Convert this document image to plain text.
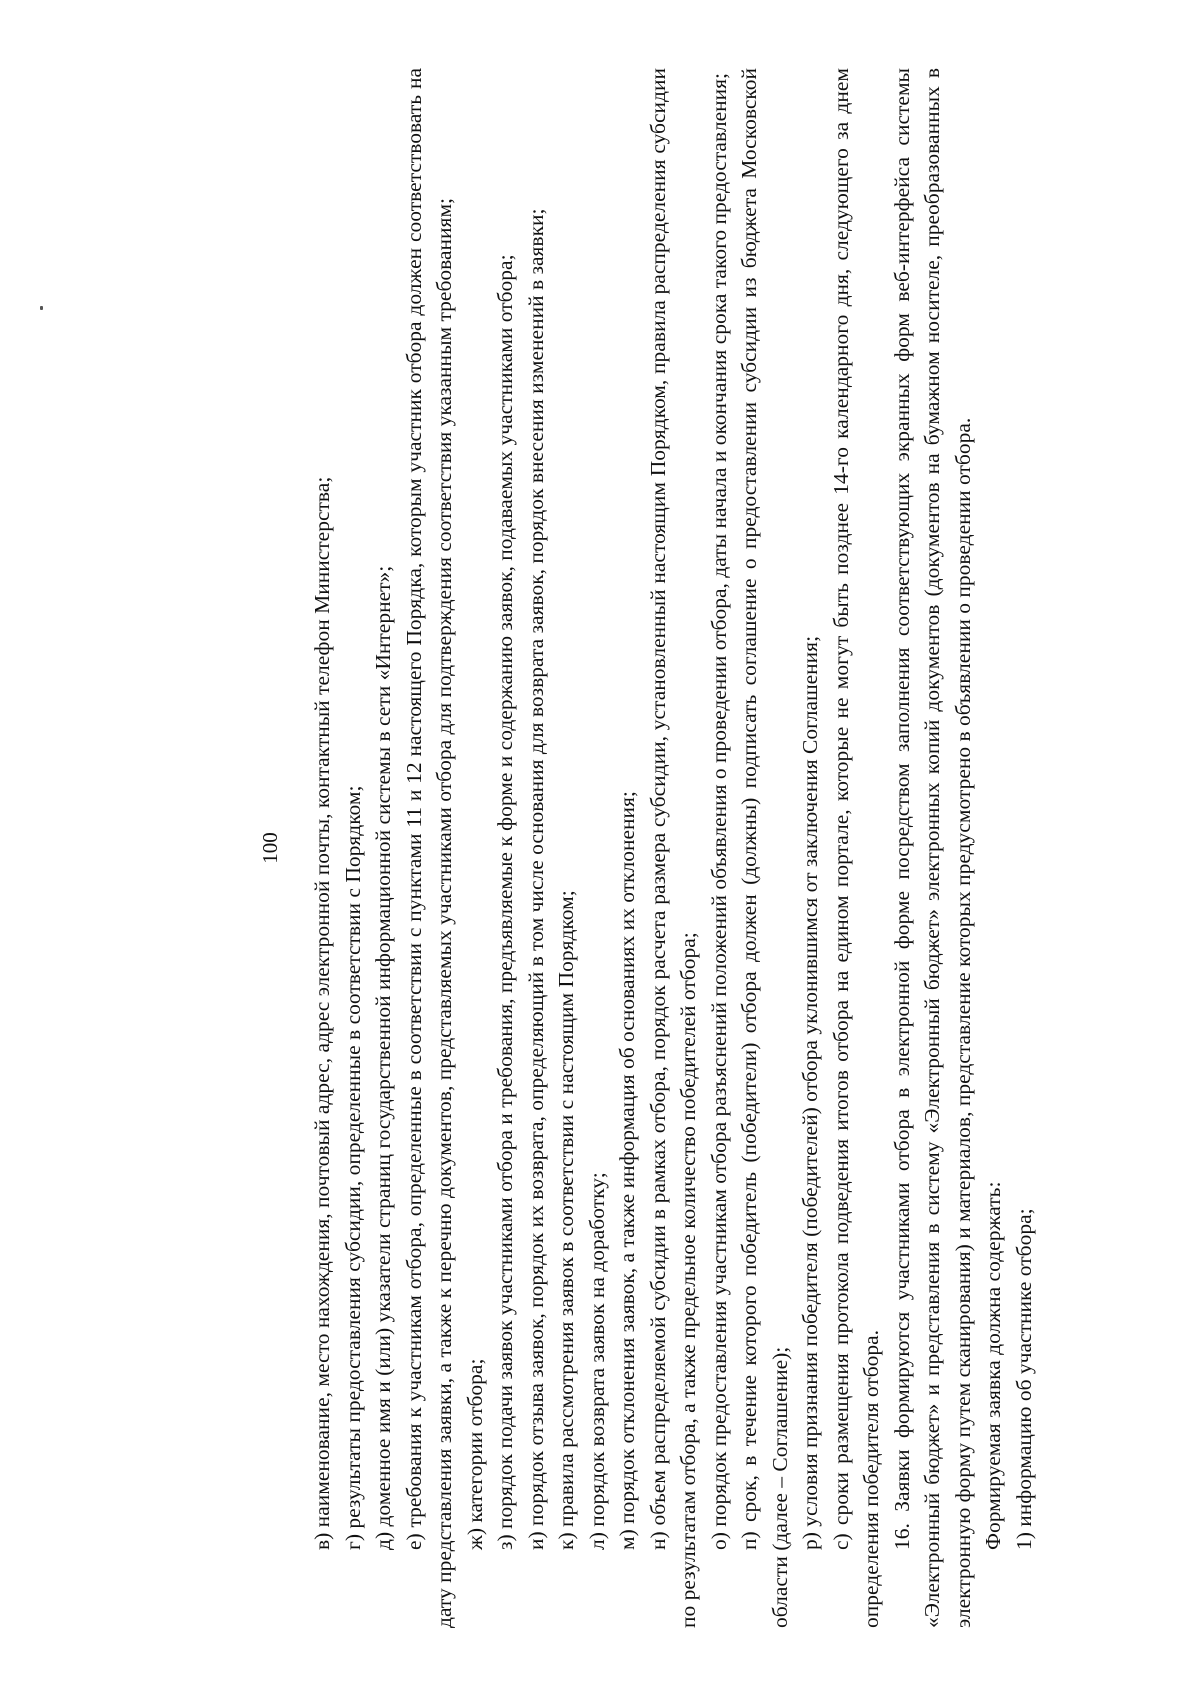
100 в) наименование, место нахождения, почтовый адрес, адрес электронной почты, контактный телефон Министерства; г) результаты предоставления субсидии, определенные в соответствии с Порядком; д) доменное имя и (или) указатели страниц государственной информационной системы в сети «Интернет»; е) требования к участникам отбора, определенные в соответствии с пунктами 11 и 12 настоящего Порядка, которым участник отбора должен соответствовать на дату представления заявки, а также к перечню документов, представляемых участниками отбора для подтверждения соответствия указанным требованиям; ж) категории отбора; з) порядок подачи заявок участниками отбора и требования, предъявляемые к форме и содержанию заявок, подаваемых участниками отбора; и) порядок отзыва заявок, порядок их возврата, определяющий в том числе основания для возврата заявок, порядок внесения изменений в заявки; к) правила рассмотрения заявок в соответствии с настоящим Порядком; л) порядок возврата заявок на доработку; м) порядок отклонения заявок, а также информация об основаниях их отклонения; н) объем распределяемой субсидии в рамках отбора, порядок расчета размера субсидии, установленный настоящим Порядком, правила распределения субсидии по результатам отбора, а также предельное количество победителей отбора; о) порядок предоставления участникам отбора разъяснений положений объявления о проведении отбора, даты начала и окончания срока такого предоставления; п) срок, в течение которого победитель (победители) отбора должен (должны) подписать соглашение о предоставлении субсидии из бюджета Московской области (далее – Соглашение); р) условия признания победителя (победителей) отбора уклонившимся от заключения Соглашения; с) сроки размещения протокола подведения итогов отбора на едином портале, которые не могут быть позднее 14-го календарного дня, следующего за днем определения победителя отбора. 16. Заявки формируются участниками отбора в электронной форме посредством заполнения соответствующих экранных форм веб-интерфейса системы «Электронный бюджет» и представления в систему «Электронный бюджет» электронных копий документов (документов на бумажном носителе, преобразованных в электронную форму путем сканирования) и материалов, представление которых предусмотрено в объявлении о проведении отбора. Формируемая заявка должна содержать: 1) информацию об участнике отбора;
